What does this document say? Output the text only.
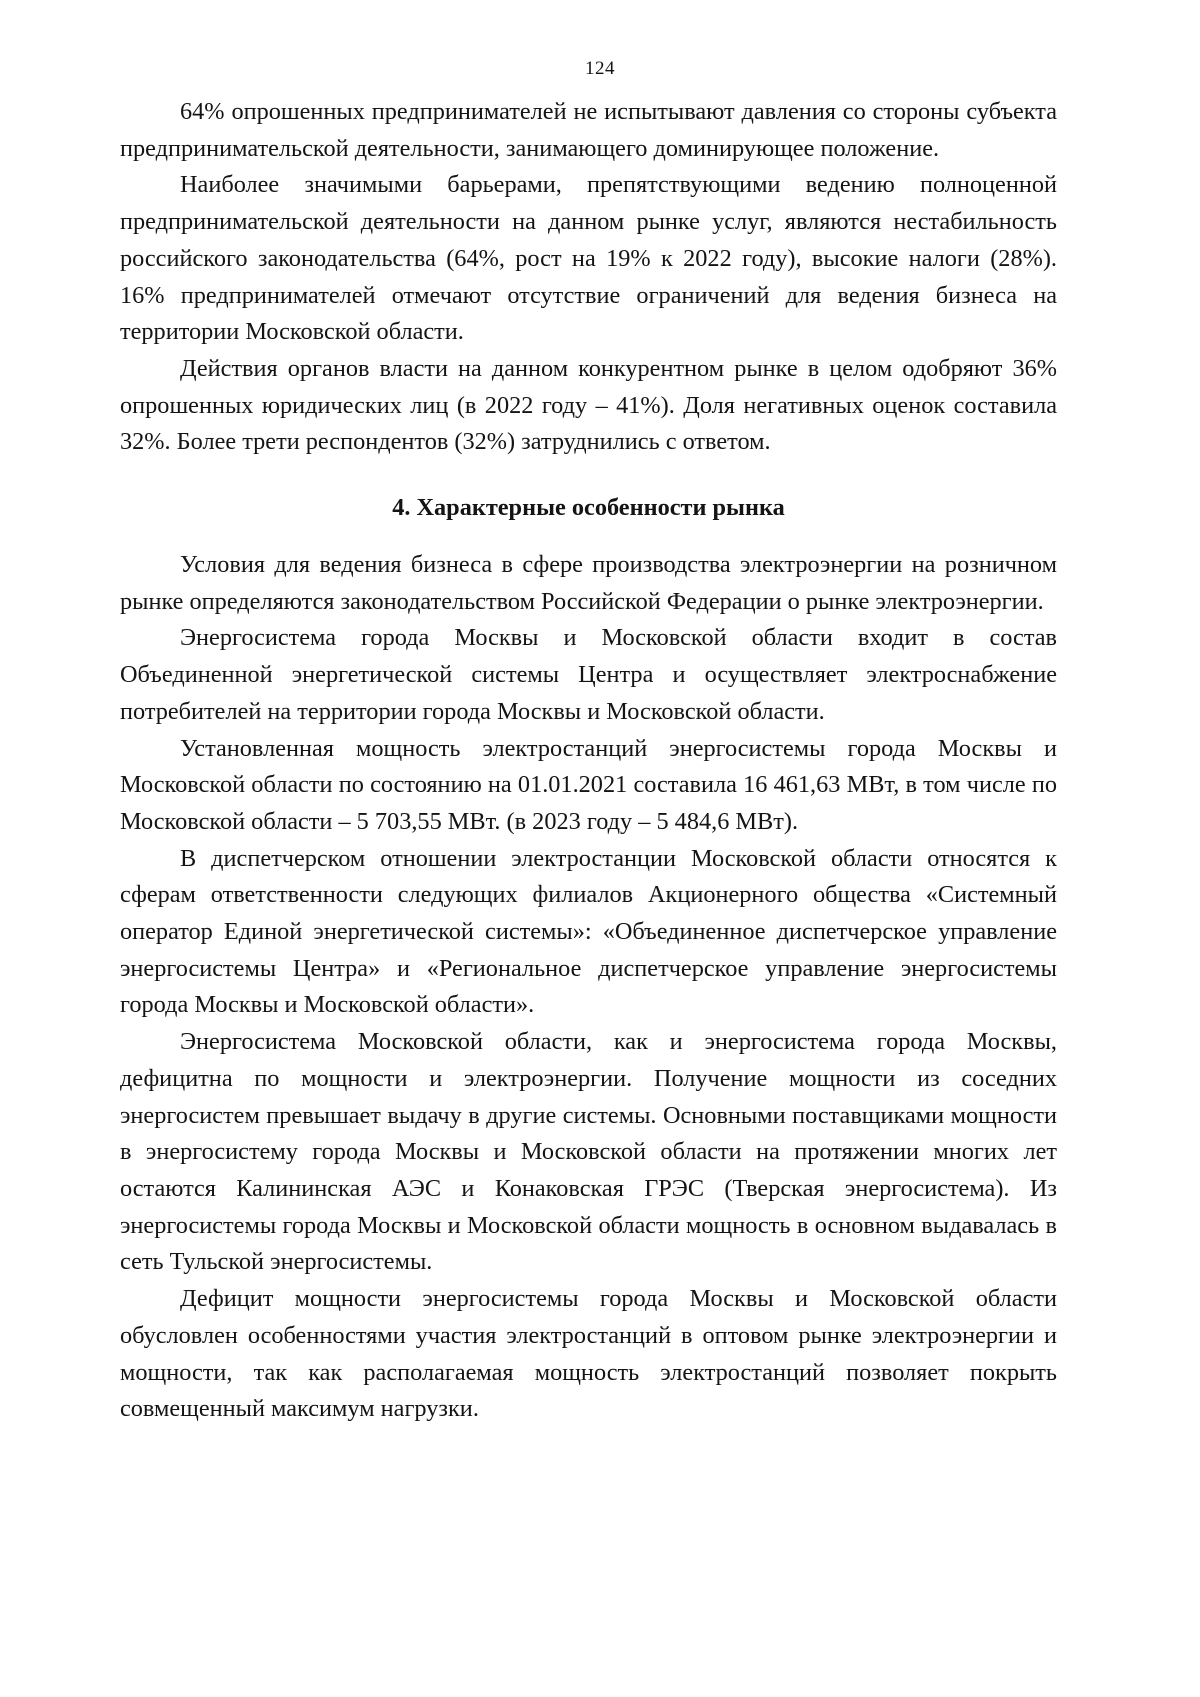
124

64% опрошенных предпринимателей не испытывают давления со стороны субъекта предпринимательской деятельности, занимающего доминирующее положение.

Наиболее значимыми барьерами, препятствующими ведению полноценной предпринимательской деятельности на данном рынке услуг, являются нестабильность российского законодательства (64%, рост на 19% к 2022 году), высокие налоги (28%). 16% предпринимателей отмечают отсутствие ограничений для ведения бизнеса на территории Московской области.

Действия органов власти на данном конкурентном рынке в целом одобряют 36% опрошенных юридических лиц (в 2022 году – 41%). Доля негативных оценок составила 32%. Более трети респондентов (32%) затруднились с ответом.

4. Характерные особенности рынка

Условия для ведения бизнеса в сфере производства электроэнергии на розничном рынке определяются законодательством Российской Федерации о рынке электроэнергии.

Энергосистема города Москвы и Московской области входит в состав Объединенной энергетической системы Центра и осуществляет электроснабжение потребителей на территории города Москвы и Московской области.

Установленная мощность электростанций энергосистемы города Москвы и Московской области по состоянию на 01.01.2021 составила 16 461,63 МВт, в том числе по Московской области – 5 703,55 МВт. (в 2023 году – 5 484,6 МВт).

В диспетчерском отношении электростанции Московской области относятся к сферам ответственности следующих филиалов Акционерного общества «Системный оператор Единой энергетической системы»: «Объединенное диспетчерское управление энергосистемы Центра» и «Региональное диспетчерское управление энергосистемы города Москвы и Московской области».

Энергосистема Московской области, как и энергосистема города Москвы, дефицитна по мощности и электроэнергии. Получение мощности из соседних энергосистем превышает выдачу в другие системы. Основными поставщиками мощности в энергосистему города Москвы и Московской области на протяжении многих лет остаются Калининская АЭС и Конаковская ГРЭС (Тверская энергосистема). Из энергосистемы города Москвы и Московской области мощность в основном выдавалась в сеть Тульской энергосистемы.

Дефицит мощности энергосистемы города Москвы и Московской области обусловлен особенностями участия электростанций в оптовом рынке электроэнергии и мощности, так как располагаемая мощность электростанций позволяет покрыть совмещенный максимум нагрузки.
